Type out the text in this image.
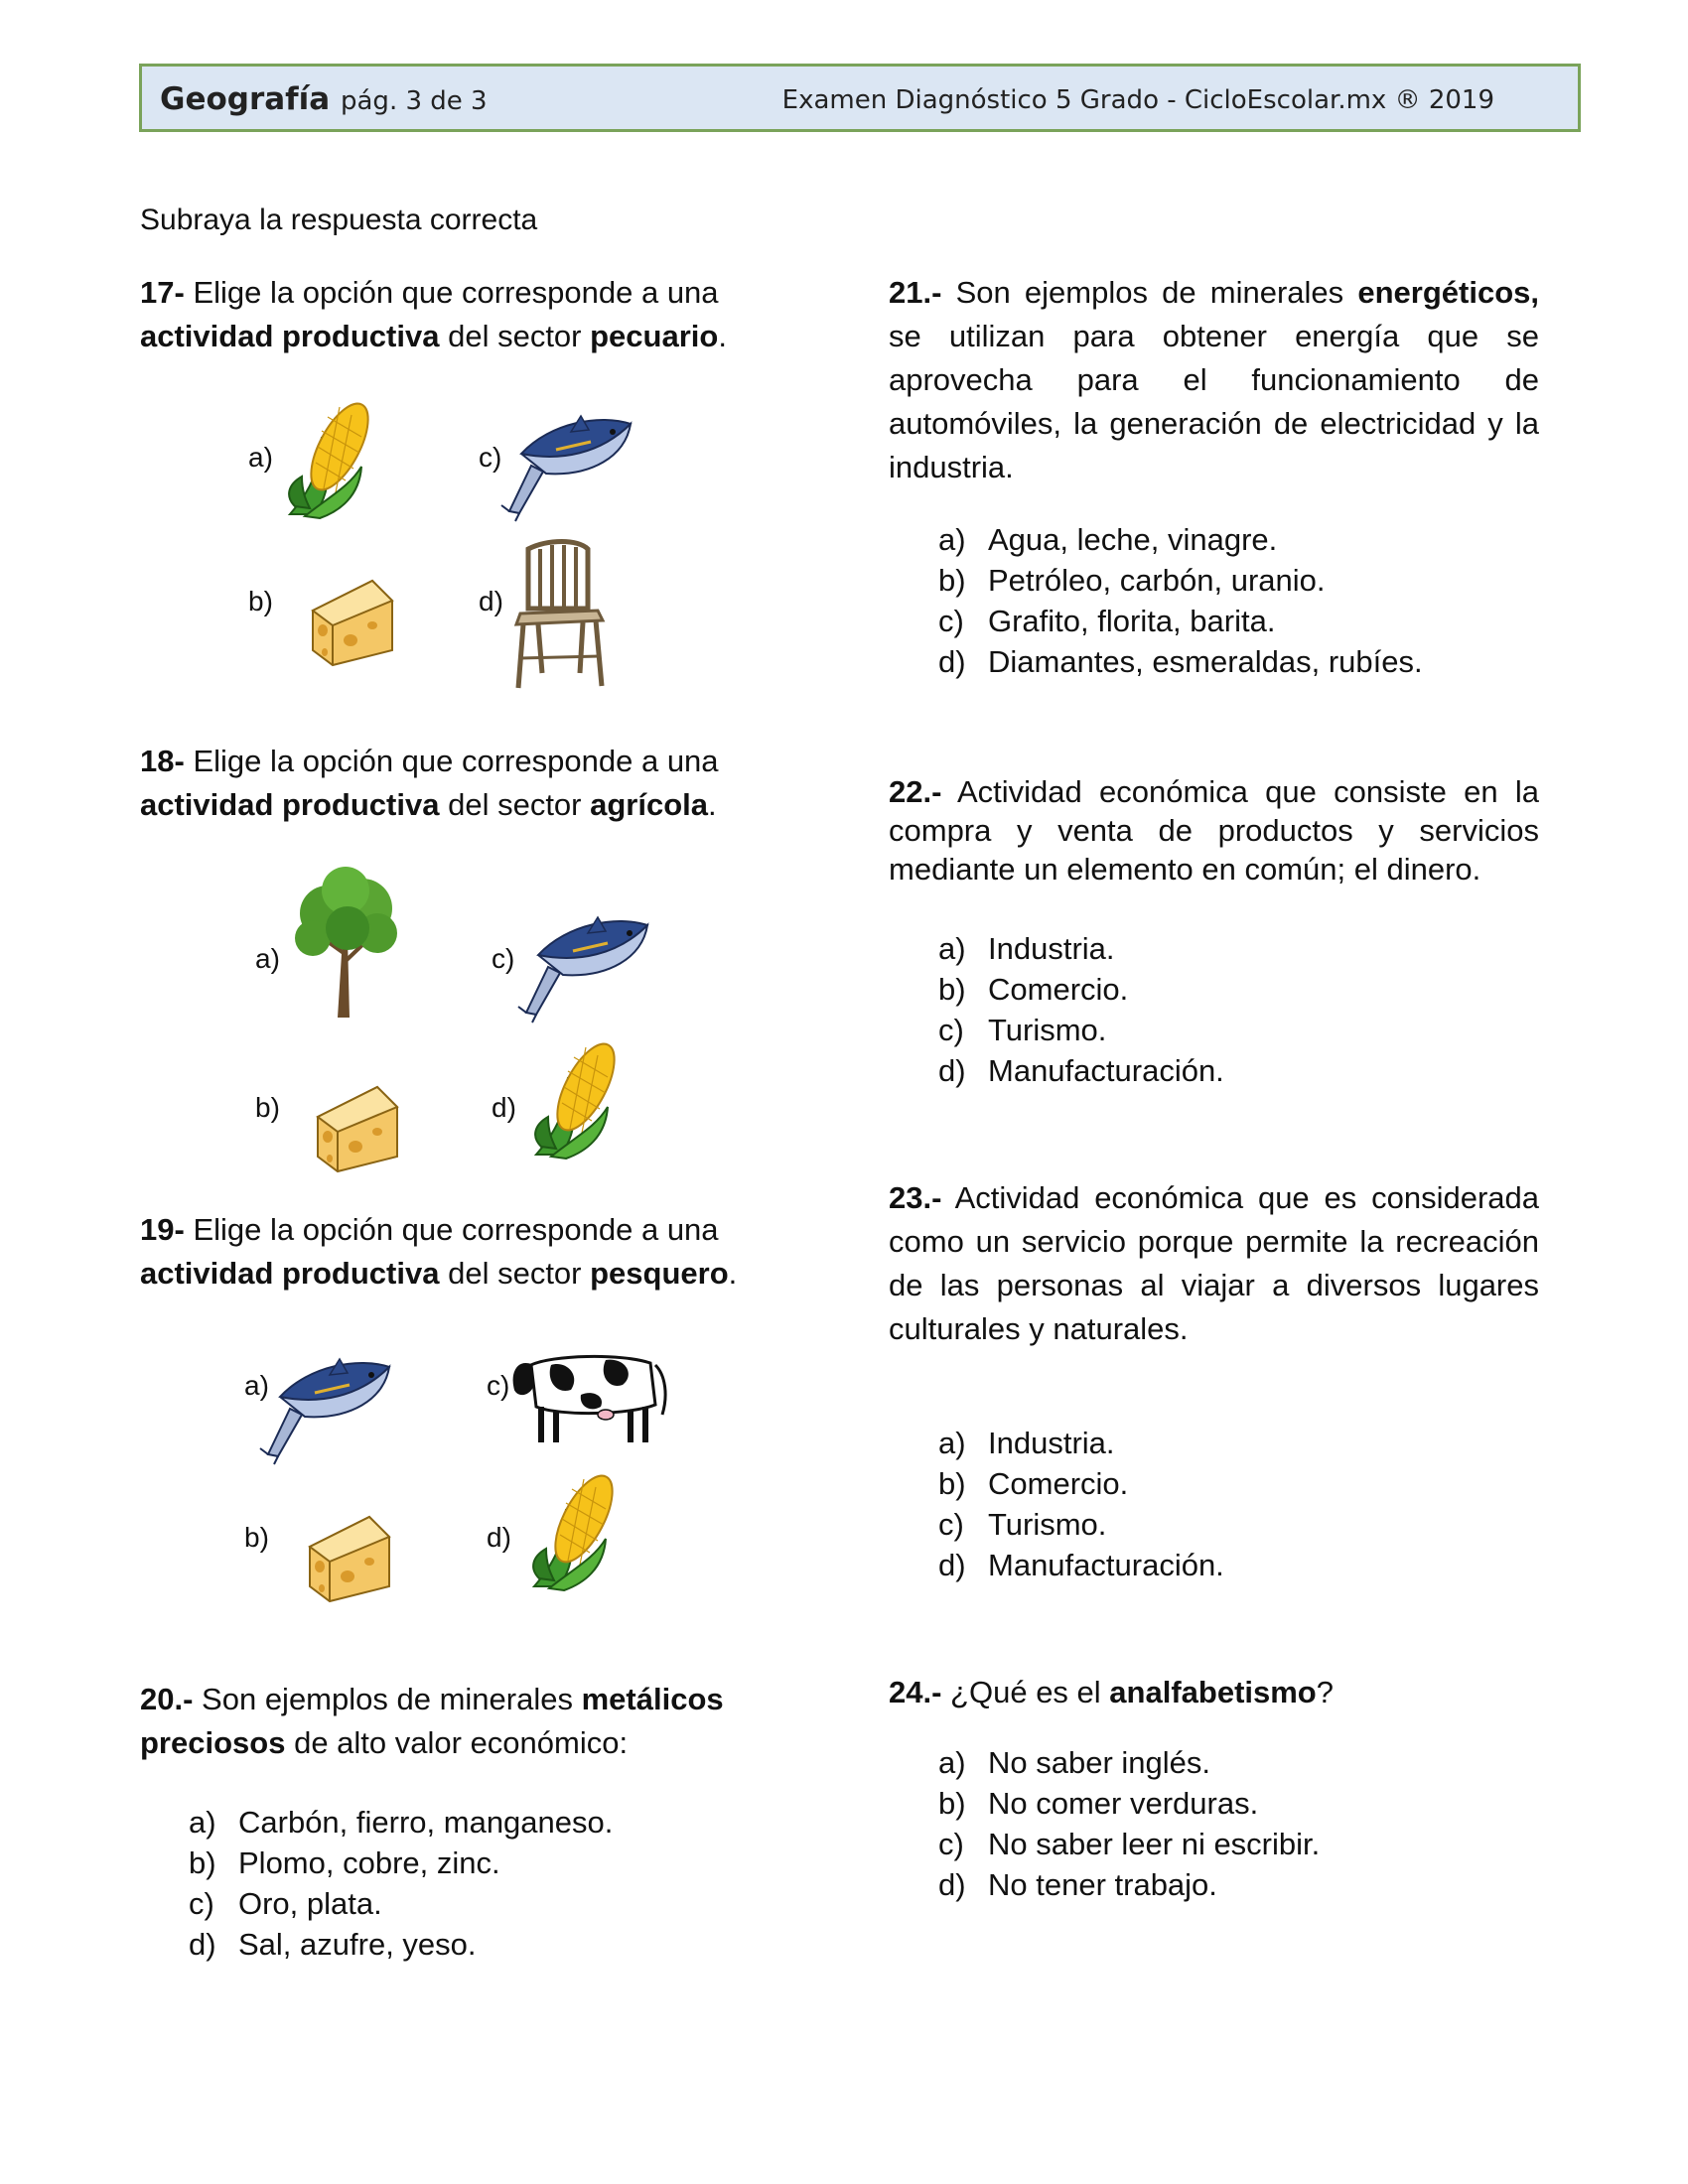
Geografía pág. 3 de 3	Examen Diagnóstico 5 Grado - CicloEscolar.mx ® 2019
Subraya la respuesta correcta
17- Elige la opción que corresponde a una actividad productiva del sector pecuario.
a)
b)
c)
d)
18- Elige la opción que corresponde a una actividad productiva del sector agrícola.
a)
b)
c)
d)
19- Elige la opción que corresponde a una actividad productiva del sector pesquero.
a)
b)
c)
d)
20.- Son ejemplos de minerales metálicos preciosos de alto valor económico:
a) Carbón, fierro, manganeso.
b) Plomo, cobre, zinc.
c) Oro, plata.
d) Sal, azufre, yeso.
21.- Son ejemplos de minerales energéticos, se utilizan para obtener energía que se aprovecha para el funcionamiento de automóviles, la generación de electricidad y la industria.
a) Agua, leche, vinagre.
b) Petróleo, carbón, uranio.
c) Grafito, florita, barita.
d) Diamantes, esmeraldas, rubíes.
22.- Actividad económica que consiste en la compra y venta de productos y servicios mediante un elemento en común; el dinero.
a) Industria.
b) Comercio.
c) Turismo.
d) Manufacturación.
23.- Actividad económica que es considerada como un servicio porque permite la recreación de las personas al viajar a diversos lugares culturales y naturales.
a) Industria.
b) Comercio.
c) Turismo.
d) Manufacturación.
24.- ¿Qué es el analfabetismo?
a) No saber inglés.
b) No comer verduras.
c) No saber leer ni escribir.
d) No tener trabajo.
